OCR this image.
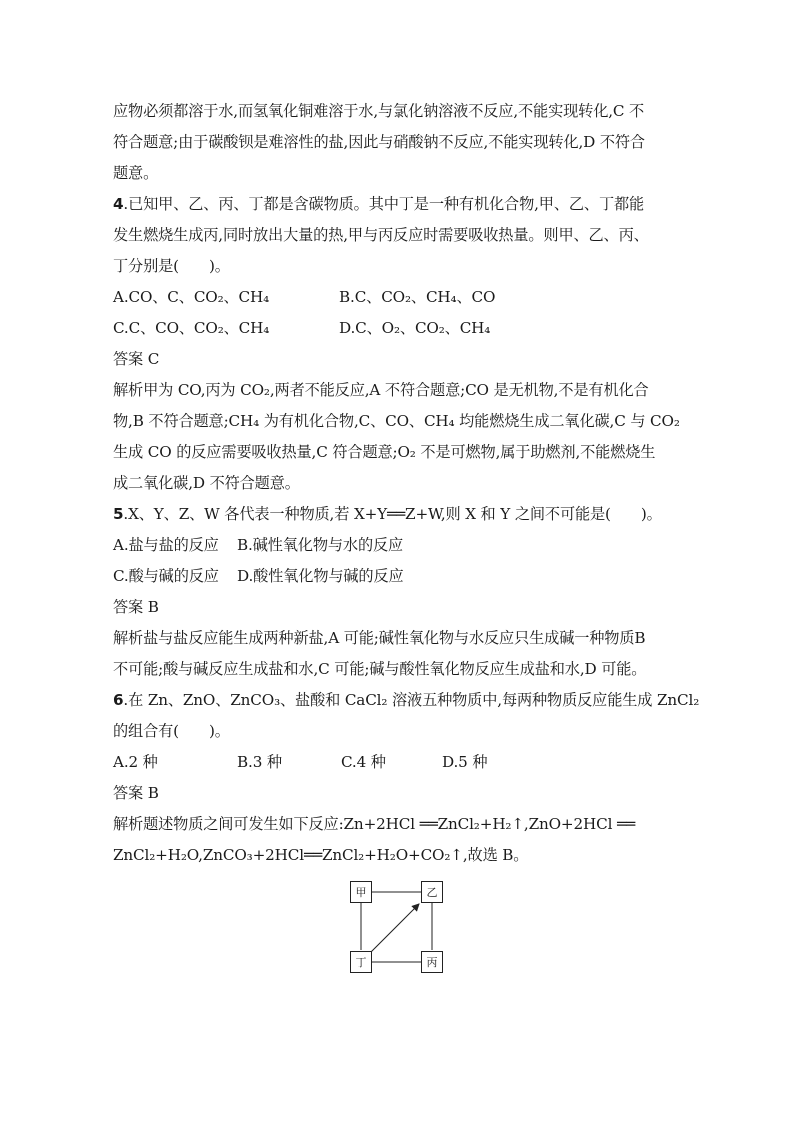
应物必须都溶于水,而氢氧化铜难溶于水,与氯化钠溶液不反应,不能实现转化,C 不
符合题意;由于碳酸钡是难溶性的盐,因此与硝酸钠不反应,不能实现转化,D 不符合
题意。
4.已知甲、乙、丙、丁都是含碳物质。其中丁是一种有机化合物,甲、乙、丁都能
发生燃烧生成丙,同时放出大量的热,甲与丙反应时需要吸收热量。则甲、乙、丙、
丁分别是(　　)。
A.CO、C、CO₂、CH₄	B.C、CO₂、CH₄、CO
C.C、CO、CO₂、CH₄	D.C、O₂、CO₂、CH₄
答案 C
解析甲为 CO,丙为 CO₂,两者不能反应,A 不符合题意;CO 是无机物,不是有机化合
物,B 不符合题意;CH₄ 为有机化合物,C、CO、CH₄ 均能燃烧生成二氧化碳,C 与 CO₂
生成 CO 的反应需要吸收热量,C 符合题意;O₂ 不是可燃物,属于助燃剂,不能燃烧生
成二氧化碳,D 不符合题意。
5.X、Y、Z、W 各代表一种物质,若 X+Y══Z+W,则 X 和 Y 之间不可能是(　　)。
A.盐与盐的反应	B.碱性氧化物与水的反应
C.酸与碱的反应	D.酸性氧化物与碱的反应
答案 B
解析盐与盐反应能生成两种新盐,A 可能;碱性氧化物与水反应只生成碱一种物质B
不可能;酸与碱反应生成盐和水,C 可能;碱与酸性氧化物反应生成盐和水,D 可能。
6.在 Zn、ZnO、ZnCO₃、盐酸和 CaCl₂ 溶液五种物质中,每两种物质反应能生成 ZnCl₂
的组合有(　　)。
A.2 种	B.3 种	C.4 种	D.5 种
答案 B
解析题述物质之间可发生如下反应:Zn+2HCl ══ZnCl₂+H₂↑,ZnO+2HCl ══
ZnCl₂+H₂O,ZnCO₃+2HCl══ZnCl₂+H₂O+CO₂↑,故选 B。
甲	乙
丁	丙
